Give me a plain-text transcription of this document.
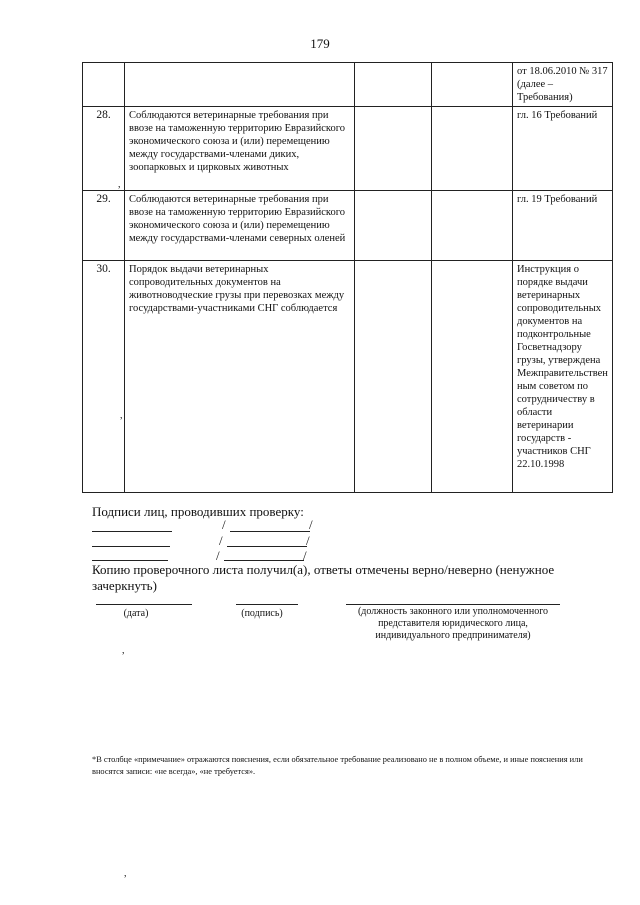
179
				от 18.06.2010 № 317 (далее – Требования)
28.	Соблюдаются ветеринарные требования при ввозе на таможенную территорию Евразийского экономического союза и (или) перемещению между государствами-членами диких, зоопарковых и цирковых животных			гл. 16 Требований
29.	Соблюдаются ветеринарные требования при ввозе на таможенную территорию Евразийского экономического союза и (или) перемещению между государствами-членами северных оленей			гл. 19 Требований
30.	Порядок выдачи ветеринарных сопроводительных документов на животноводческие грузы при перевозках между государствами-участниками СНГ соблюдается			Инструкция о порядке выдачи ветеринарных сопроводительных документов на подконтрольные Госветнадзору грузы, утверждена Межправительствен ным советом по сотрудничеству в области ветеринарии государств - участников СНГ 22.10.1998
Подписи лиц, проводивших проверку:
/	/
/	/
/	/
Копию проверочного листа получил(а), ответы отмечены верно/неверно (ненужное зачеркнуть)
(дата)	(подпись)	(должность законного или уполномоченного представителя юридического лица, индивидуального предпринимателя)
*В столбце «примечание» отражаются пояснения, если обязательное требование реализовано не в полном объеме, и иные пояснения или вносятся записи: «не всегда», «не требуется».
,
,
,
,
